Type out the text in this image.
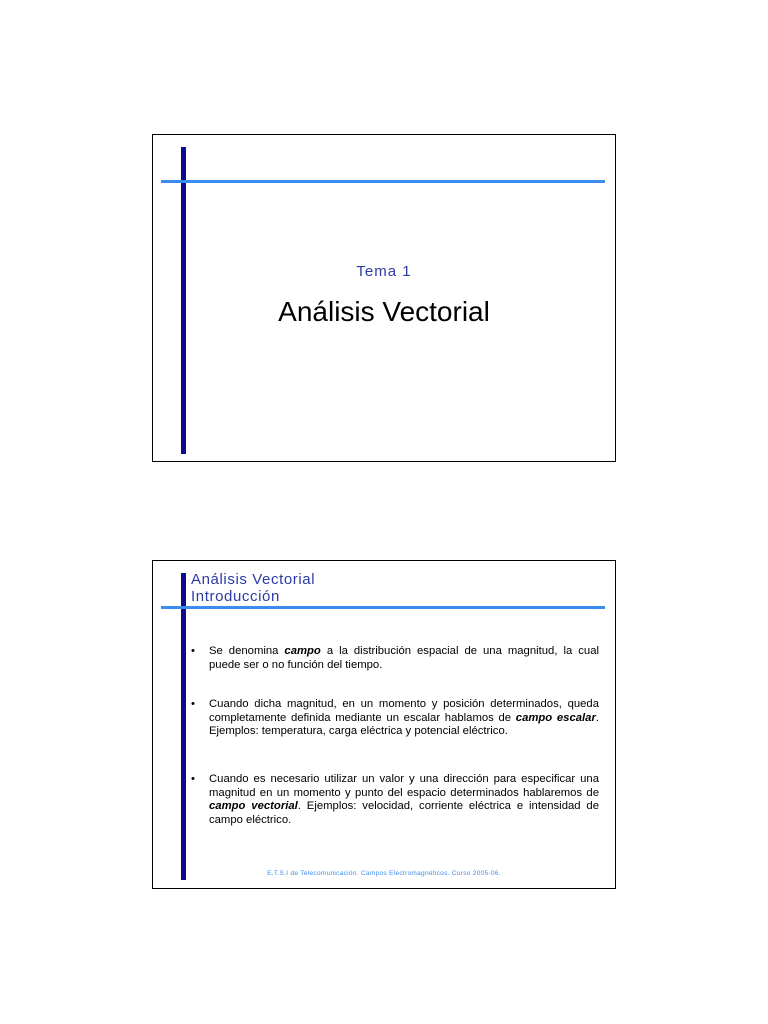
Tema 1
Análisis Vectorial
Análisis Vectorial
Introducción
• Se denomina campo a la distribución espacial de una magnitud, la cual puede ser o no función del tiempo.
• Cuando dicha magnitud, en un momento y posición determinados, queda completamente definida mediante un escalar hablamos de campo escalar. Ejemplos: temperatura, carga eléctrica y potencial eléctrico.
• Cuando es necesario utilizar un valor y una dirección para especificar una magnitud en un momento y punto del espacio determinados hablaremos de campo vectorial. Ejemplos: velocidad, corriente eléctrica e intensidad de campo eléctrico.
E.T.S.I de Telecomunicación. Campos Electromagnéticos. Curso 2005-06.
